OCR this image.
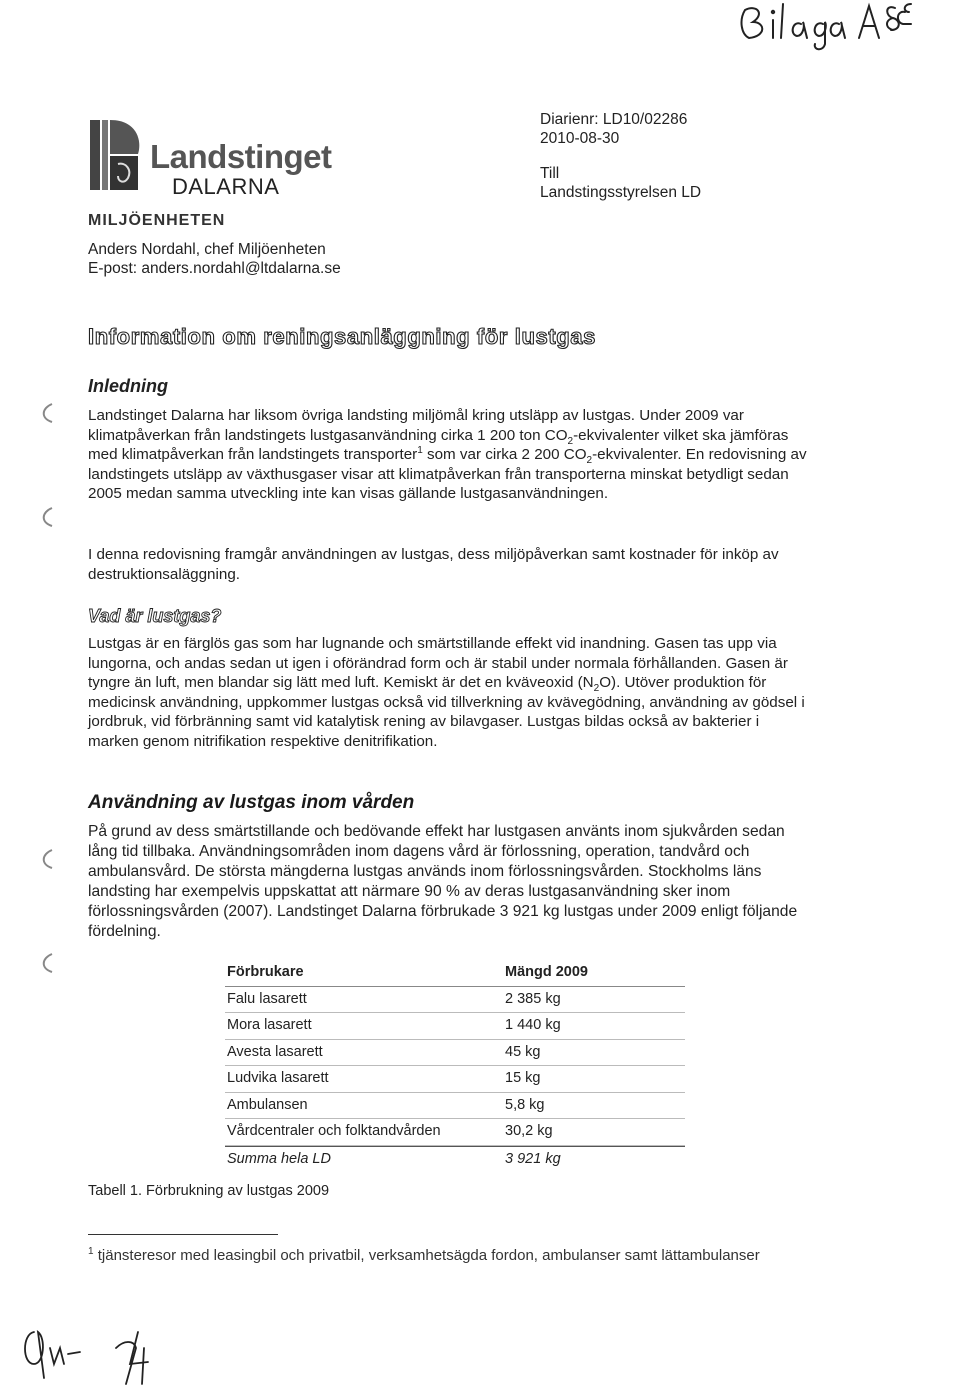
Landstinget
DALARNA
MILJÖENHETEN
Anders Nordahl, chef Miljöenheten
E-post: anders.nordahl@ltdalarna.se
Diarienr: LD10/02286
2010-08-30
Till
Landstingsstyrelsen LD
Information om reningsanläggning för lustgas
Inledning

Landstinget Dalarna har liksom övriga landsting miljömål kring utsläpp av lustgas. Under 2009 var klimatpåverkan från landstingets lustgasanvändning cirka 1 200 ton $CO_2$-ekvivalenter vilket ska jämföras med klimatpåverkan från landstingets transporter$^1$ som var cirka 2 200 $CO_2$-ekvivalenter. En redovisning av landstingets utsläpp av växthusgaser visar att klimatpåverkan från transporterna minskat betydligt sedan 2005 medan samma utveckling inte kan visas gällande lustgasanvändningen.

I denna redovisning framgår användningen av lustgas, dess miljöpåverkan samt kostnader för inköp av destruktionsaläggning.

Vad är lustgas?

Lustgas är en färglös gas som har lugnande och smärtstillande effekt vid inandning. Gasen tas upp via lungorna, och andas sedan ut igen i oförändrad form och är stabil under normala förhållanden. Gasen är tyngre än luft, men blandar sig lätt med luft. Kemiskt är det en kväveoxid $(N_2O)$. Utöver produktion för medicinsk användning, uppkommer lustgas också vid tillverkning av kvävegödning, användning av gödsel i jordbruk, vid förbränning samt vid katalytisk rening av bilavgaser. Lustgas bildas också av bakterier i marken genom nitrifikation respektive denitrifikation.

Användning av lustgas inom vården

På grund av dess smärtstillande och bedövande effekt har lustgasen använts inom sjukvården sedan lång tid tillbaka. Användningsområden inom dagens vård är förlossning, operation, tandvård och ambulansvård. De största mängderna lustgas används inom förlossningsvården. Stockholms läns landsting har exempelvis uppskattat att närmare 90 % av deras lustgasanvändning sker inom förlossningsvården (2007). Landstinget Dalarna förbrukade 3 921 kg lustgas under 2009 enligt följande fördelning.

Förbrukare	Mängd 2009
Falu lasarett	2 385 kg
Mora lasarett	1 440 kg
Avesta lasarett	45 kg
Ludvika lasarett	15 kg
Ambulansen	5,8 kg
Vårdcentraler och folktandvården	30,2 kg
Summa hela LD	3 921 kg
Tabell 1. Förbrukning av lustgas 2009
$^1$ tjänsteresor med leasingbil och privatbil, verksamhetsägda fordon, ambulanser samt lättambulanser
